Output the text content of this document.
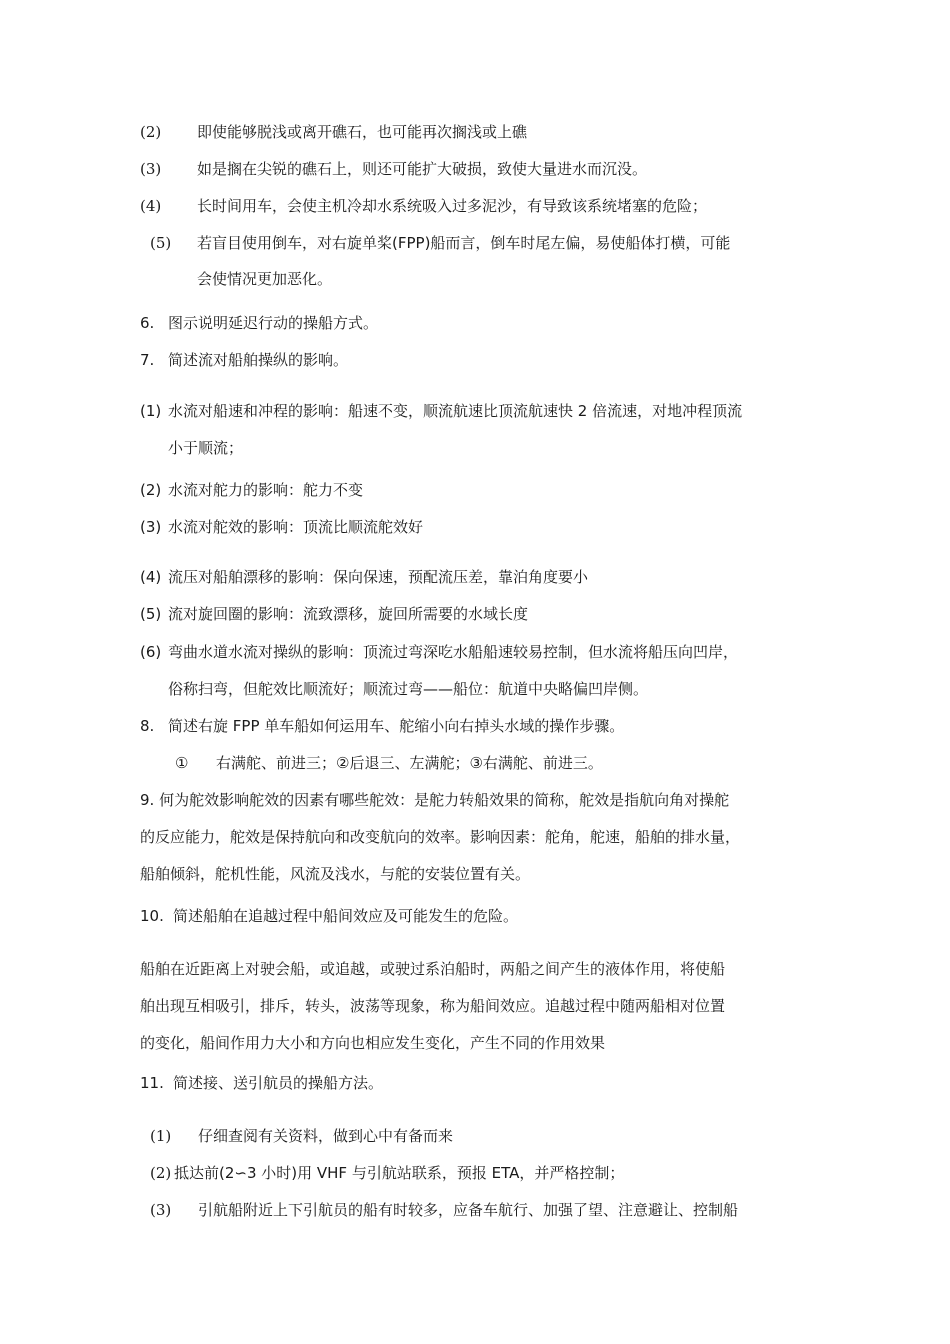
(2) 即使能够脱浅或离开礁石，也可能再次搁浅或上礁
(3) 如是搁在尖锐的礁石上，则还可能扩大破损，致使大量进水而沉没。
(4) 长时间用车，会使主机冷却水系统吸入过多泥沙，有导致该系统堵塞的危险；
(5) 若盲目使用倒车，对右旋单桨(FPP)船而言，倒车时尾左偏，易使船体打横，可能
会使情况更加恶化。
6. 图示说明延迟行动的操船方式。
7. 简述流对船舶操纵的影响。
(1) 水流对船速和冲程的影响：船速不变，顺流航速比顶流航速快 2 倍流速，对地冲程顶流
小于顺流；
(2) 水流对舵力的影响：舵力不变
(3) 水流对舵效的影响：顶流比顺流舵效好
(4) 流压对船舶漂移的影响：保向保速，预配流压差，靠泊角度要小
(5) 流对旋回圈的影响：流致漂移，旋回所需要的水域长度
(6) 弯曲水道水流对操纵的影响：顶流过弯深吃水船船速较易控制，但水流将船压向凹岸，
俗称扫弯，但舵效比顺流好；顺流过弯——船位：航道中央略偏凹岸侧。
8. 简述右旋 FPP 单车船如何运用车、舵缩小向右掉头水域的操作步骤。
① 右满舵、前进三；②后退三、左满舵；③右满舵、前进三。
9. 何为舵效影响舵效的因素有哪些舵效：是舵力转船效果的简称，舵效是指航向角对操舵
的反应能力，舵效是保持航向和改变航向的效率。影响因素：舵角，舵速，船舶的排水量，
船舶倾斜，舵机性能，风流及浅水，与舵的安装位置有关。
10. 简述船舶在追越过程中船间效应及可能发生的危险。
船舶在近距离上对驶会船，或追越，或驶过系泊船时，两船之间产生的液体作用，将使船
舶出现互相吸引，排斥，转头，波荡等现象，称为船间效应。追越过程中随两船相对位置
的变化，船间作用力大小和方向也相应发生变化，产生不同的作用效果
11. 简述接、送引航员的操船方法。
(1) 仔细查阅有关资料，做到心中有备而来
(2) 抵达前(2∽3 小时)用 VHF 与引航站联系，预报 ETA，并严格控制；
(3) 引航船附近上下引航员的船有时较多，应备车航行、加强了望、注意避让、控制船
